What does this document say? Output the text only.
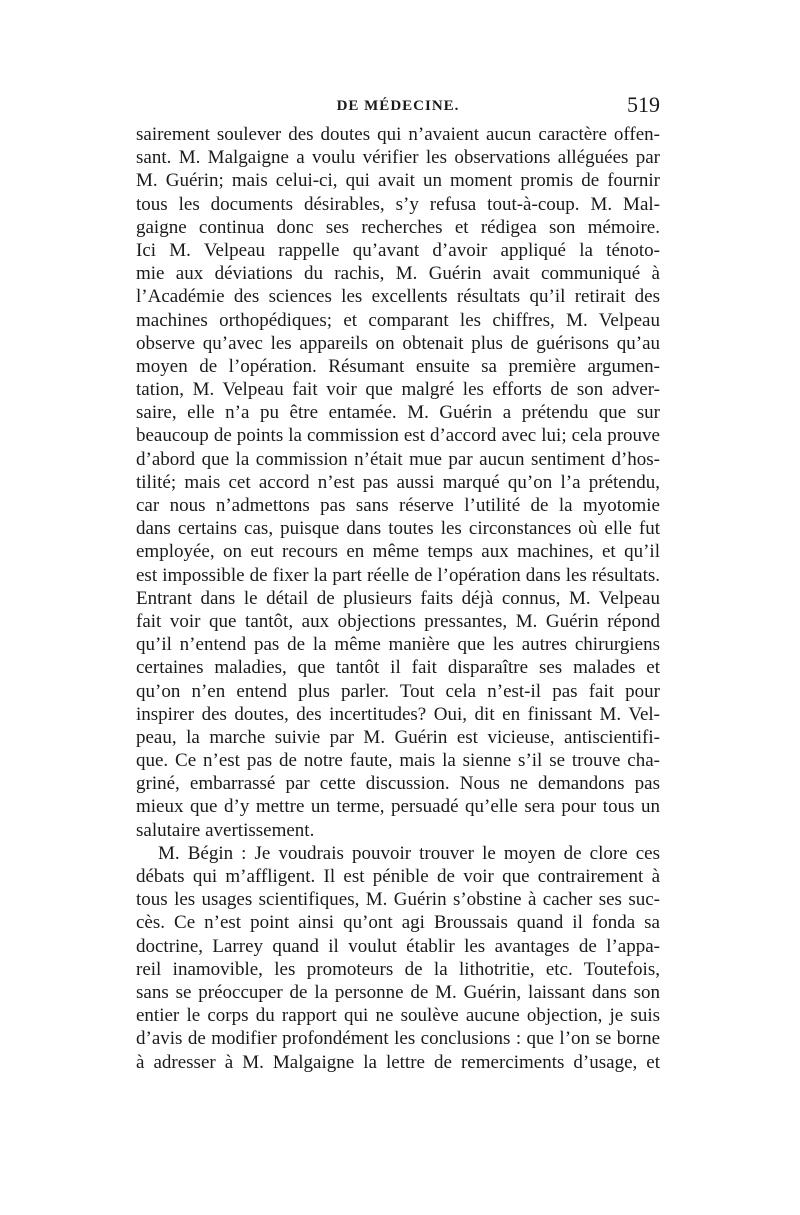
DE MÉDECINE.	519
sairement soulever des doutes qui n’avaient aucun caractère offen-
sant. M. Malgaigne a voulu vérifier les observations alléguées par
M. Guérin; mais celui-ci, qui avait un moment promis de fournir
tous les documents désirables, s’y refusa tout-à-coup. M. Mal-
gaigne continua donc ses recherches et rédigea son mémoire.
Ici M. Velpeau rappelle qu’avant d’avoir appliqué la ténoto-
mie aux déviations du rachis, M. Guérin avait communiqué à
l’Académie des sciences les excellents résultats qu’il retirait des
machines orthopédiques; et comparant les chiffres, M. Velpeau
observe qu’avec les appareils on obtenait plus de guérisons qu’au
moyen de l’opération. Résumant ensuite sa première argumen-
tation, M. Velpeau fait voir que malgré les efforts de son adver-
saire, elle n’a pu être entamée. M. Guérin a prétendu que sur
beaucoup de points la commission est d’accord avec lui; cela prouve
d’abord que la commission n’était mue par aucun sentiment d’hos-
tilité; mais cet accord n’est pas aussi marqué qu’on l’a prétendu,
car nous n’admettons pas sans réserve l’utilité de la myotomie
dans certains cas, puisque dans toutes les circonstances où elle fut
employée, on eut recours en même temps aux machines, et qu’il
est impossible de fixer la part réelle de l’opération dans les résultats.
Entrant dans le détail de plusieurs faits déjà connus, M. Velpeau
fait voir que tantôt, aux objections pressantes, M. Guérin répond
qu’il n’entend pas de la même manière que les autres chirurgiens
certaines maladies, que tantôt il fait disparaître ses malades et
qu’on n’en entend plus parler. Tout cela n’est-il pas fait pour
inspirer des doutes, des incertitudes? Oui, dit en finissant M. Vel-
peau, la marche suivie par M. Guérin est vicieuse, antiscientifi-
que. Ce n’est pas de notre faute, mais la sienne s’il se trouve cha-
griné, embarrassé par cette discussion. Nous ne demandons pas
mieux que d’y mettre un terme, persuadé qu’elle sera pour tous un
salutaire avertissement.
M. Bégin : Je voudrais pouvoir trouver le moyen de clore ces
débats qui m’affligent. Il est pénible de voir que contrairement à
tous les usages scientifiques, M. Guérin s’obstine à cacher ses suc-
cès. Ce n’est point ainsi qu’ont agi Broussais quand il fonda sa
doctrine, Larrey quand il voulut établir les avantages de l’appa-
reil inamovible, les promoteurs de la lithotritie, etc. Toutefois,
sans se préoccuper de la personne de M. Guérin, laissant dans son
entier le corps du rapport qui ne soulève aucune objection, je suis
d’avis de modifier profondément les conclusions : que l’on se borne
à adresser à M. Malgaigne la lettre de remerciments d’usage, et
